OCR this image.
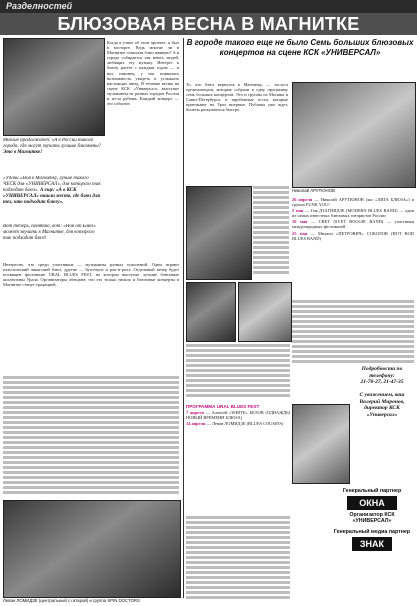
Разделностей
БЛЮЗОВАЯ ВЕСНА В МАГНИТКЕ
Многие продолжают: «А в России такого города, где могут звучать лучшие блюзмены? Это в Магнитке!
«Удачи «Ноя в Магнитку, лучше такого ЧЕСК для «УНИВЕРСАЛ», для которого так подходит блюз». А еще: «А в КСК «УНИВЕРСАЛ» нашли место, где блюз для тех, кто подходит блюзу».
Вот теперь, понятно, вот: «Ноя от Блюз» может звучать в Магнитке, для которого так подходит блюз!
Когда я узнал об этом проекте, я был в восторге. Ведь многие ли в Магнитке слышали блюз вживую? А в городе собирается так много людей, любящих эту музыку. Интерес к блюзу растет с каждым годом — и вот, наконец, у нас появилась возможность увидеть и услышать настоящих звезд. В течение весны на сцене КСК «Универсал» выступят музыканты из разных городов России и из-за рубежа. Каждый концерт — это событие.
В городе такого еще не было Семь больших блюзовых концертов на сцене КСК «УНИВЕРСАЛ»
То, что блюз вернулся в Магнитку, — заслуга организаторов, которые собрали в одну программу семь больших концертов. Это и группы из Москвы и Санкт-Петербурга, и зарубежные гости, которые приезжают на Урал впервые. Публика уже ждет, билеты раскупаются быстро.
Николай АРУТЮНОВ

26 апреля — Николай АРУТЮНОВ (экс «ЛИГА БЛЮЗА») и группа FUNK YOU!

5 мая — Гия ДЗАГНИДЗЕ (MODERN BLUES BAND) — один из самых известных блюзовых гитаристов России

10 мая — СВЕТ (SVET BOOGIE BAND) — участники международных фестивалей

25 мая — Михаил «ПЕТРОВИЧ» СОКОЛОВ (HOT ROD BLUES BAND)

Интересно, что среди участников — музыканты разных поколений. Одни играют классический чикагский блюз, другие — буги-вуги и рок-н-ролл. Отдельный вечер будет посвящен фестивалю URAL BLUES FEST, на котором выступят лучшие блюзовые коллективы Урала. Организаторы обещают, что это только начало и блюзовые концерты в Магнитке станут традицией.
Подробности по телефону:
21-70-27, 21-47-35
С уважением, ваш Валерий Миронов, директор КСК «Универсал»

ПРОГРАММА URAL BLUES FEST

7 апреля — Алексей «WHITE» БЕЛОВ (ОДНАЖДЫ НОВЫЙ ВРЕМЕНИ БЛЮЗА)

14 апреля — Леван ЛОМИДЗЕ (BLUES COUSINS)

Генеральный партнер
ОКНА
Организатор КСК «УНИВЕРСАЛ»
Генеральный медиа партнер
ЗНАК
Леван ЛОМИДЗЕ (центральный с гитарой) и группа SPIN DOCTORS
